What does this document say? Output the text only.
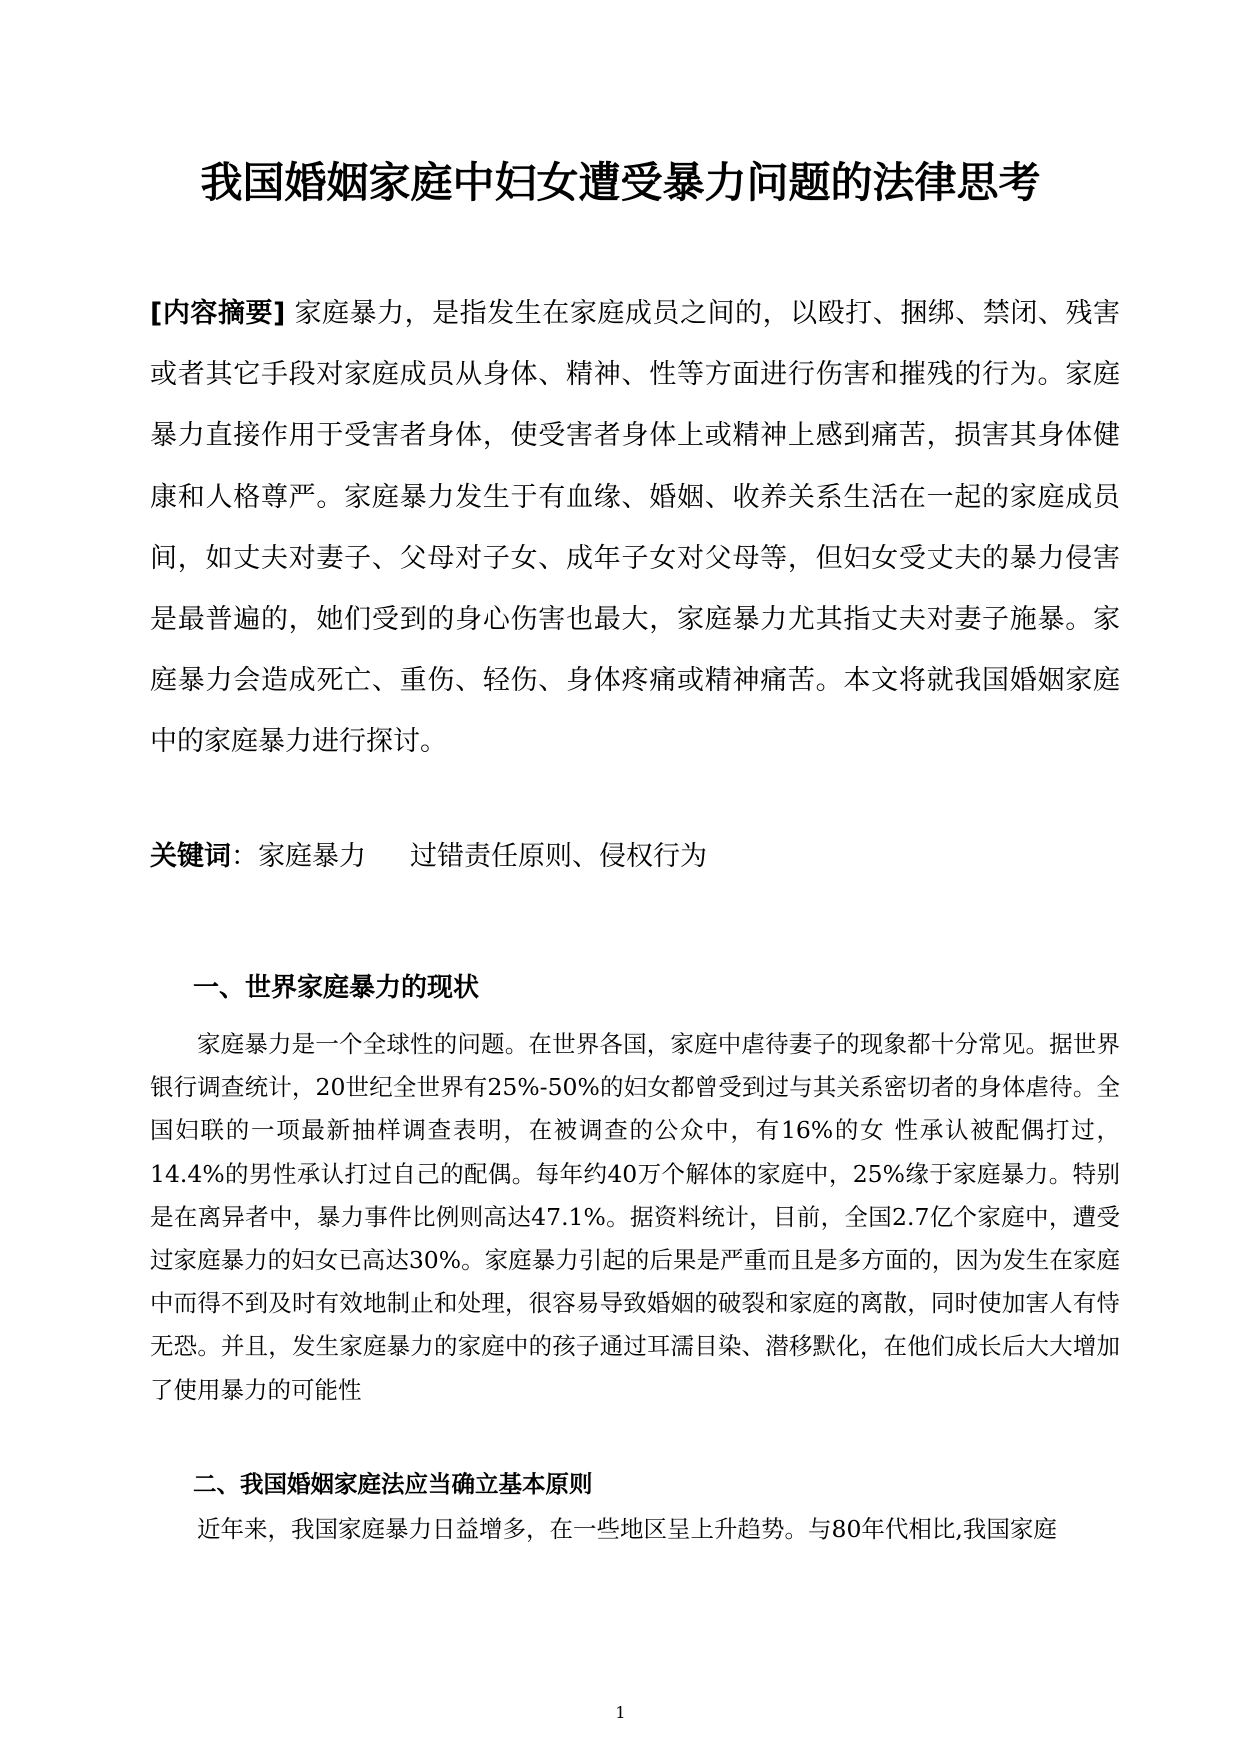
我国婚姻家庭中妇女遭受暴力问题的法律思考

[内容摘要] 家庭暴力，是指发生在家庭成员之间的，以殴打、捆绑、禁闭、残害或者其它手段对家庭成员从身体、精神、性等方面进行伤害和摧残的行为。家庭暴力直接作用于受害者身体，使受害者身体上或精神上感到痛苦，损害其身体健康和人格尊严。家庭暴力发生于有血缘、婚姻、收养关系生活在一起的家庭成员间，如丈夫对妻子、父母对子女、成年子女对父母等，但妇女受丈夫的暴力侵害是最普遍的，她们受到的身心伤害也最大，家庭暴力尤其指丈夫对妻子施暴。家庭暴力会造成死亡、重伤、轻伤、身体疼痛或精神痛苦。本文将就我国婚姻家庭中的家庭暴力进行探讨。

关键词：家庭暴力 过错责任原则、侵权行为

一、世界家庭暴力的现状

家庭暴力是一个全球性的问题。在世界各国，家庭中虐待妻子的现象都十分常见。据世界银行调查统计，20世纪全世界有25%-50%的妇女都曾受到过与其关系密切者的身体虐待。全国妇联的一项最新抽样调查表明，在被调查的公众中，有16%的女 性承认被配偶打过，14.4%的男性承认打过自己的配偶。每年约40万个解体的家庭中，25%缘于家庭暴力。特别是在离异者中，暴力事件比例则高达47.1%。据资料统计，目前，全国2.7亿个家庭中，遭受过家庭暴力的妇女已高达30%。家庭暴力引起的后果是严重而且是多方面的，因为发生在家庭中而得不到及时有效地制止和处理，很容易导致婚姻的破裂和家庭的离散，同时使加害人有恃无恐。并且，发生家庭暴力的家庭中的孩子通过耳濡目染、潜移默化，在他们成长后大大增加了使用暴力的可能性

二、我国婚姻家庭法应当确立基本原则

近年来，我国家庭暴力日益增多，在一些地区呈上升趋势。与80年代相比,我国家庭

1
